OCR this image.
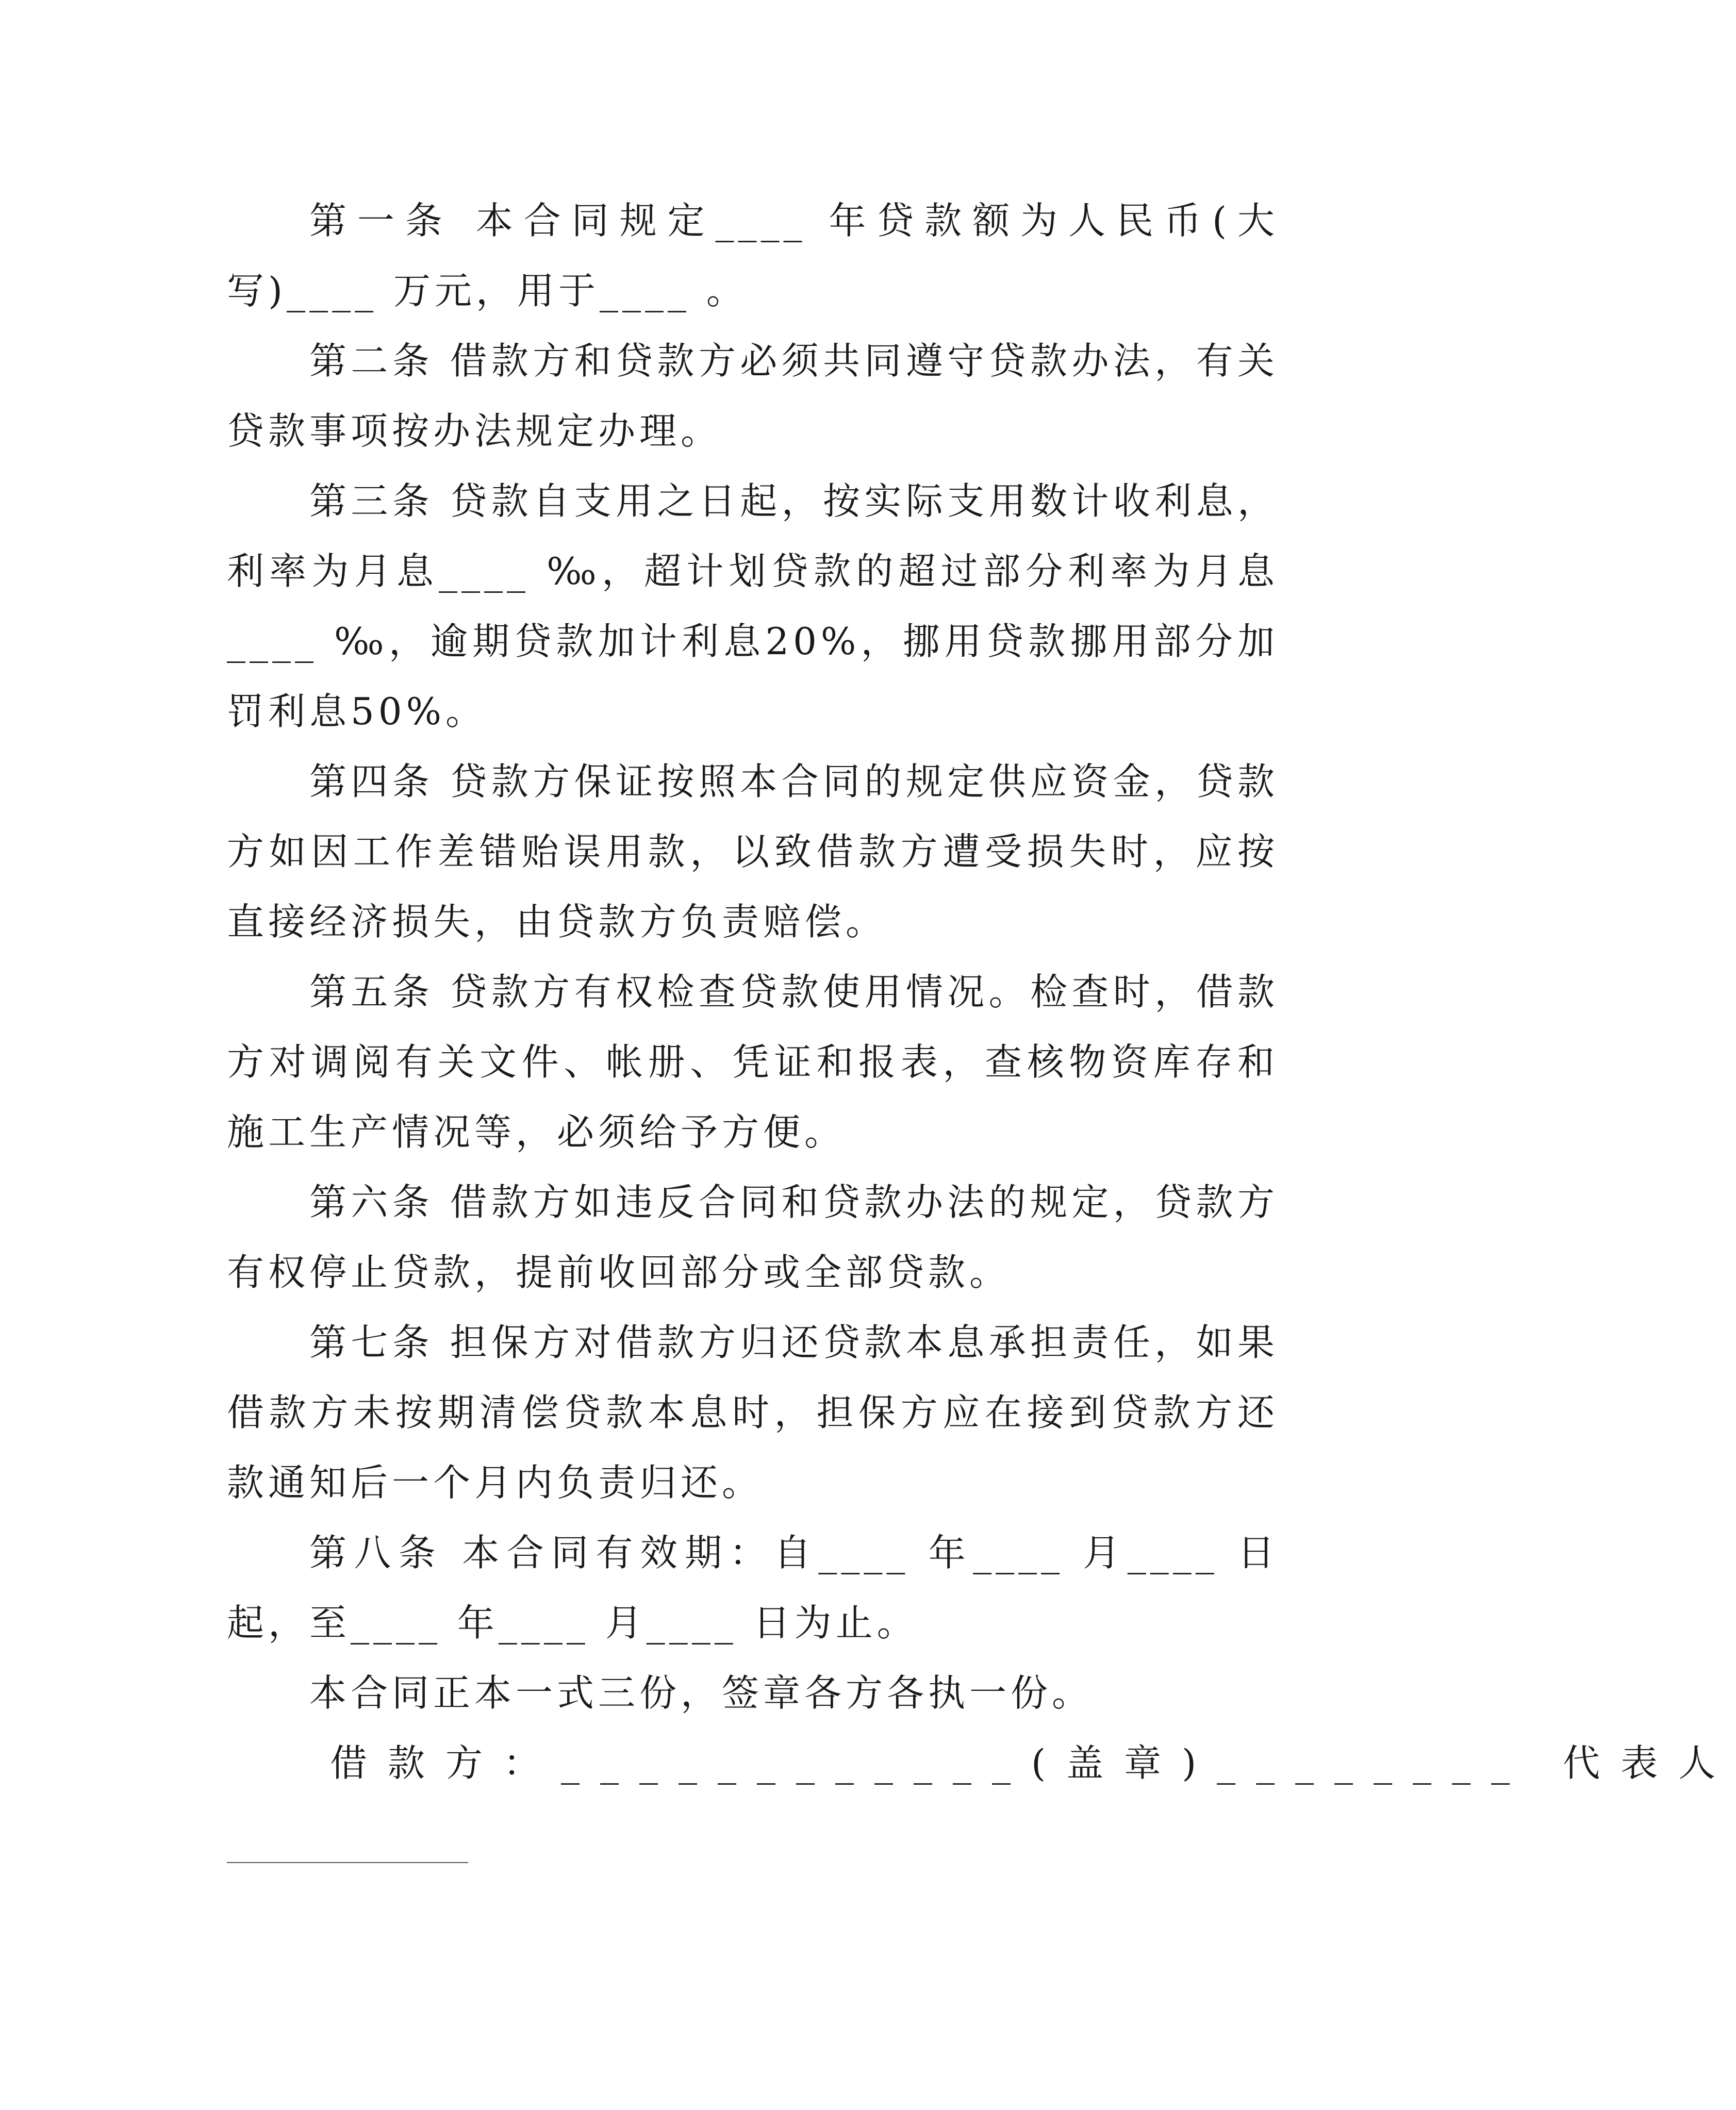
第一条 本合同规定____ 年贷款额为人民币(大写)____ 万元，用于____ 。

第二条 借款方和贷款方必须共同遵守贷款办法，有关贷款事项按办法规定办理。

第三条 贷款自支用之日起，按实际支用数计收利息，利率为月息____ ‰，超计划贷款的超过部分利率为月息____ ‰，逾期贷款加计利息20%，挪用贷款挪用部分加罚利息50%。

第四条 贷款方保证按照本合同的规定供应资金，贷款方如因工作差错贻误用款，以致借款方遭受损失时，应按直接经济损失，由贷款方负责赔偿。

第五条 贷款方有权检查贷款使用情况。检查时，借款方对调阅有关文件、帐册、凭证和报表，查核物资库存和施工生产情况等，必须给予方便。

第六条 借款方如违反合同和贷款办法的规定，贷款方有权停止贷款，提前收回部分或全部贷款。

第七条 担保方对借款方归还贷款本息承担责任，如果借款方未按期清偿贷款本息时，担保方应在接到贷款方还款通知后一个月内负责归还。

第八条 本合同有效期：自____ 年____ 月____ 日起，至____ 年____ 月____ 日为止。

本合同正本一式三份，签章各方各执一份。

借款方：____________(盖章)________ 代表人
